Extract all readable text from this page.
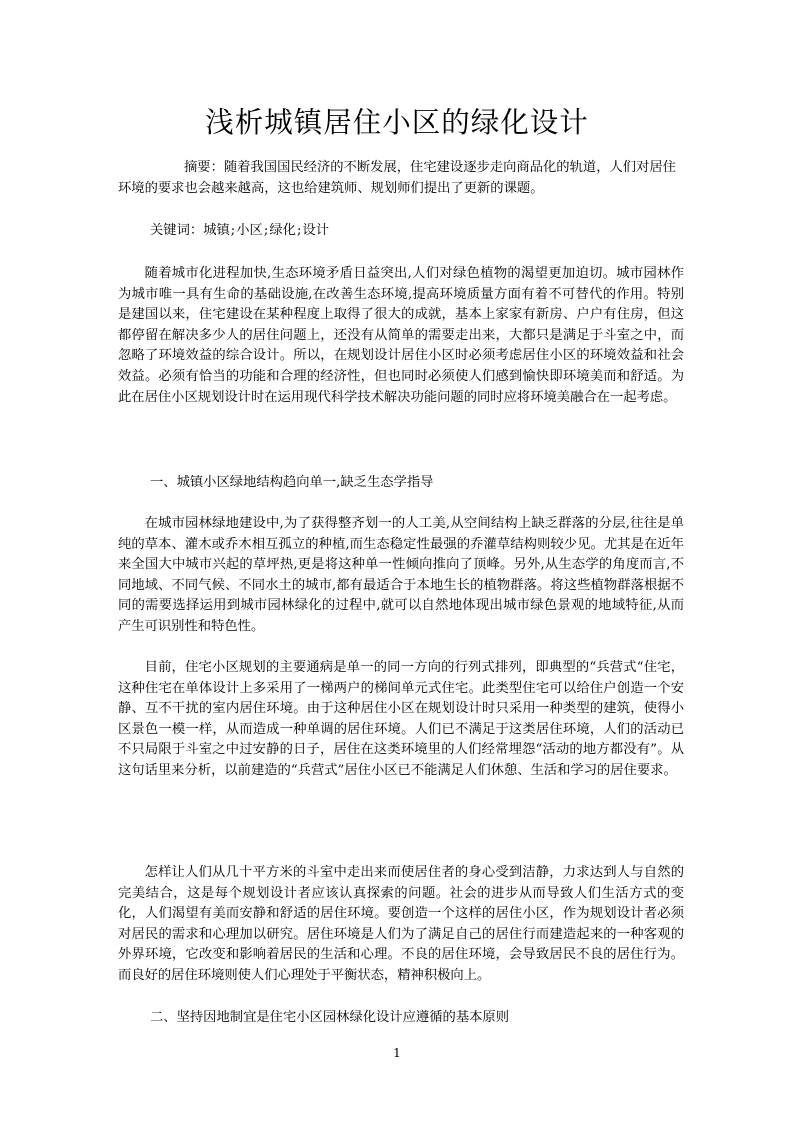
浅析城镇居住小区的绿化设计

摘要：随着我国国民经济的不断发展，住宅建设逐步走向商品化的轨道，人们对居住环境的要求也会越来越高，这也给建筑师、规划师们提出了更新的课题。

关键词：城镇;小区;绿化;设计

随着城市化进程加快,生态环境矛盾日益突出,人们对绿色植物的渴望更加迫切。城市园林作为城市唯一具有生命的基础设施,在改善生态环境,提高环境质量方面有着不可替代的作用。特别是建国以来，住宅建设在某种程度上取得了很大的成就，基本上家家有新房、户户有住房，但这都停留在解决多少人的居住问题上，还没有从简单的需要走出来，大都只是满足于斗室之中，而忽略了环境效益的综合设计。所以，在规划设计居住小区时必须考虑居住小区的环境效益和社会效益。必须有恰当的功能和合理的经济性，但也同时必须使人们感到愉快即环境美而和舒适。为此在居住小区规划设计时在运用现代科学技术解决功能问题的同时应将环境美融合在一起考虑。

一、城镇小区绿地结构趋向单一,缺乏生态学指导

在城市园林绿地建设中,为了获得整齐划一的人工美,从空间结构上缺乏群落的分层,往往是单纯的草本、灌木或乔木相互孤立的种植,而生态稳定性最强的乔灌草结构则较少见。尤其是在近年来全国大中城市兴起的草坪热,更是将这种单一性倾向推向了顶峰。另外,从生态学的角度而言,不同地域、不同气候、不同水土的城市,都有最适合于本地生长的植物群落。将这些植物群落根据不同的需要选择运用到城市园林绿化的过程中,就可以自然地体现出城市绿色景观的地域特征,从而产生可识别性和特色性。

目前，住宅小区规划的主要通病是单一的同一方向的行列式排列，即典型的“兵营式“住宅，这种住宅在单体设计上多采用了一梯两户的梯间单元式住宅。此类型住宅可以给住户创造一个安静、互不干扰的室内居住环境。由于这种居住小区在规划设计时只采用一种类型的建筑，使得小区景色一模一样，从而造成一种单调的居住环境。人们已不满足于这类居住环境，人们的活动已不只局限于斗室之中过安静的日子，居住在这类环境里的人们经常埋怨“活动的地方都没有”。从这句话里来分析，以前建造的“兵营式”居住小区已不能满足人们休憩、生活和学习的居住要求。

怎样让人们从几十平方米的斗室中走出来而使居住者的身心受到洁静，力求达到人与自然的完美结合，这是每个规划设计者应该认真探索的问题。社会的进步从而导致人们生活方式的变化，人们渴望有美而安静和舒适的居住环境。要创造一个这样的居住小区，作为规划设计者必须对居民的需求和心理加以研究。居住环境是人们为了满足自己的居住行而建造起来的一种客观的外界环境，它改变和影响着居民的生活和心理。不良的居住环境，会导致居民不良的居住行为。而良好的居住环境则使人们心理处于平衡状态，精神积极向上。

二、坚持因地制宜是住宅小区园林绿化设计应遵循的基本原则
1
